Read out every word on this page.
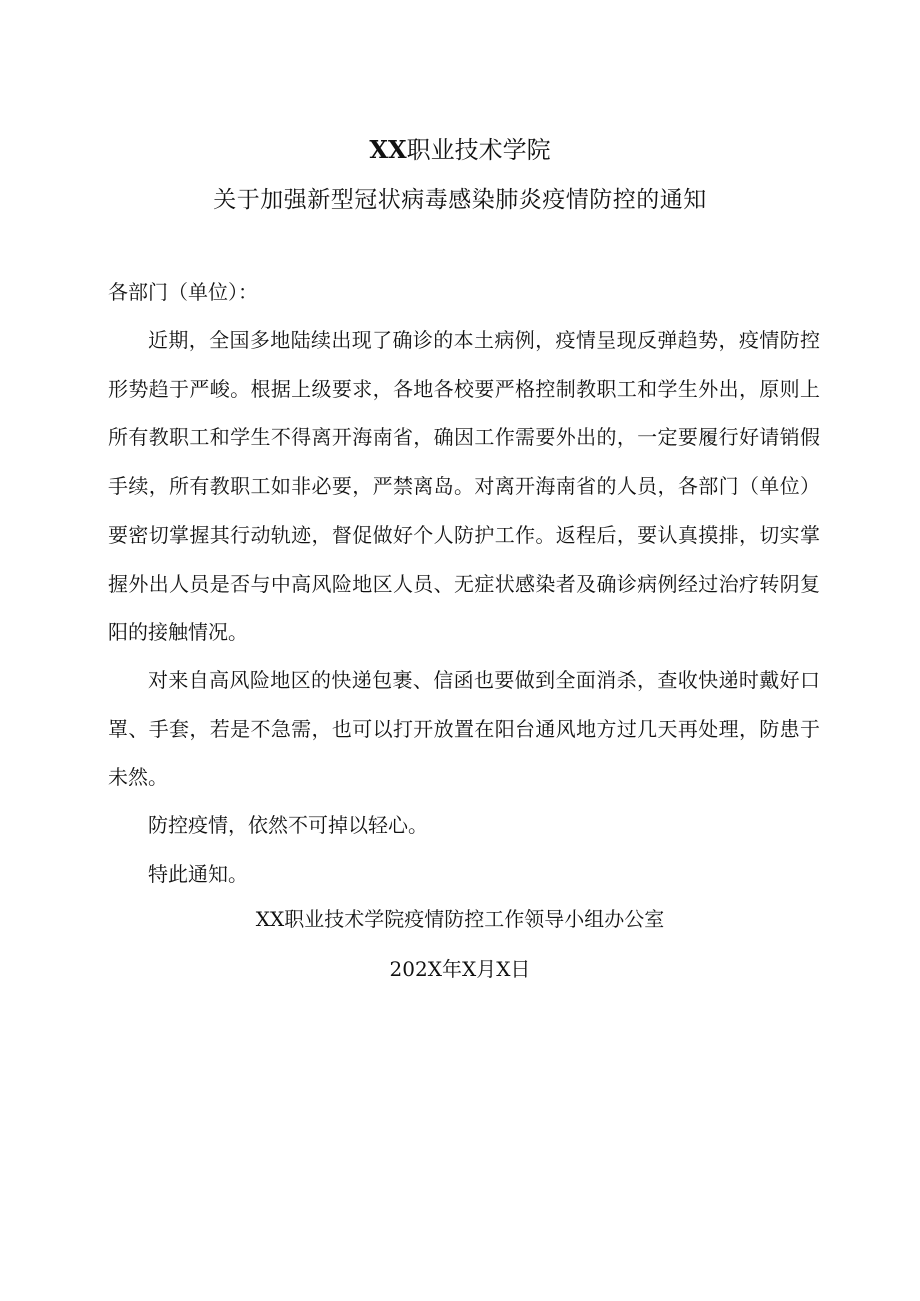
XX职业技术学院
关于加强新型冠状病毒感染肺炎疫情防控的通知
各部门（单位）：

近期，全国多地陆续出现了确诊的本土病例，疫情呈现反弹趋势，疫情防控形势趋于严峻。根据上级要求，各地各校要严格控制教职工和学生外出，原则上所有教职工和学生不得离开海南省，确因工作需要外出的，一定要履行好请销假手续，所有教职工如非必要，严禁离岛。对离开海南省的人员，各部门（单位）要密切掌握其行动轨迹，督促做好个人防护工作。返程后，要认真摸排，切实掌握外出人员是否与中高风险地区人员、无症状感染者及确诊病例经过治疗转阴复阳的接触情况。

对来自高风险地区的快递包裹、信函也要做到全面消杀，查收快递时戴好口罩、手套，若是不急需，也可以打开放置在阳台通风地方过几天再处理，防患于未然。

防控疫情，依然不可掉以轻心。

特此通知。

XX职业技术学院疫情防控工作领导小组办公室
202X年X月X日
